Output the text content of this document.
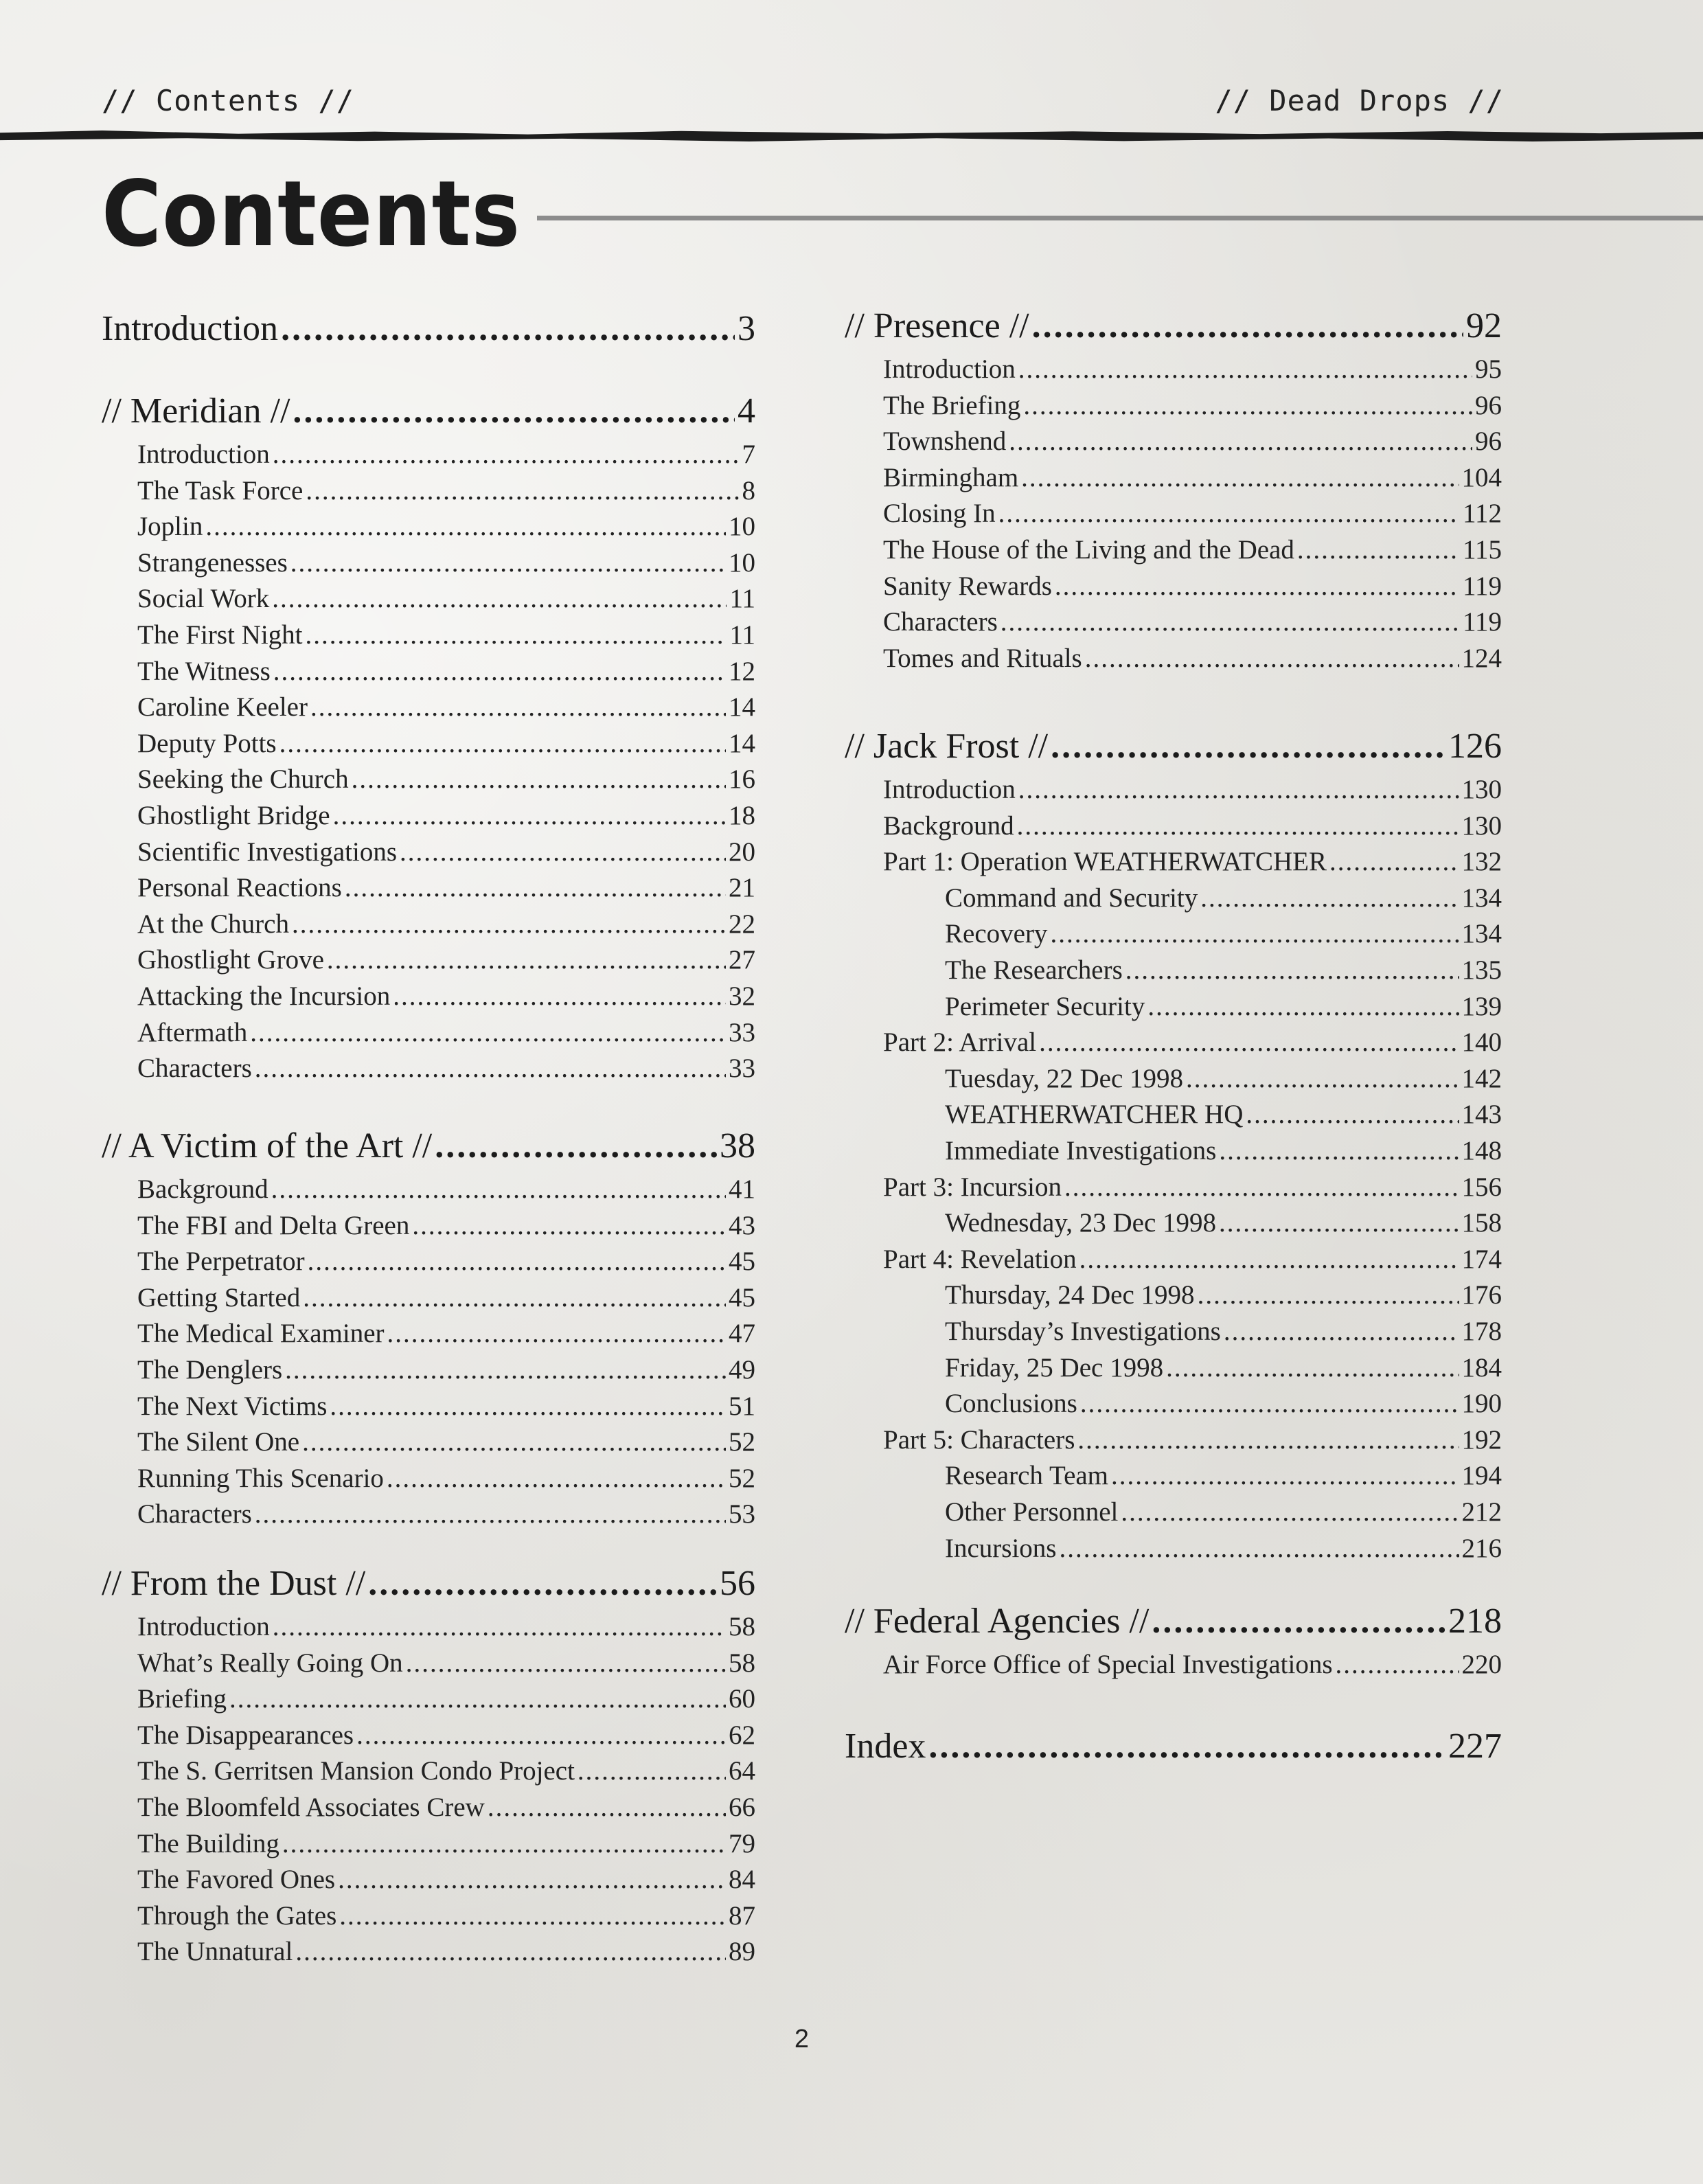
// Contents //	// Dead Drops //
Contents
Introduction .....	3
// Meridian // .....	4
Introduction .....	7
The Task Force .....	8
Joplin .....	10
Strangenesses .....	10
Social Work .....	11
The First Night .....	11
The Witness .....	12
Caroline Keeler .....	14
Deputy Potts .....	14
Seeking the Church .....	16
Ghostlight Bridge .....	18
Scientific Investigations .....	20
Personal Reactions .....	21
At the Church .....	22
Ghostlight Grove .....	27
Attacking the Incursion .....	32
Aftermath .....	33
Characters .....	33
// A Victim of the Art // .....	38
Background .....	41
The FBI and Delta Green .....	43
The Perpetrator .....	45
Getting Started .....	45
The Medical Examiner .....	47
The Denglers .....	49
The Next Victims .....	51
The Silent One .....	52
Running This Scenario .....	52
Characters .....	53
// From the Dust // .....	56
Introduction .....	58
What’s Really Going On .....	58
Briefing .....	60
The Disappearances .....	62
The S. Gerritsen Mansion Condo Project .....	64
The Bloomfeld Associates Crew .....	66
The Building .....	79
The Favored Ones .....	84
Through the Gates .....	87
The Unnatural .....	89
// Presence // .....	92
Introduction .....	95
The Briefing .....	96
Townshend .....	96
Birmingham .....	104
Closing In .....	112
The House of the Living and the Dead .....	115
Sanity Rewards .....	119
Characters .....	119
Tomes and Rituals .....	124
// Jack Frost // .....	126
Introduction .....	130
Background .....	130
Part 1: Operation WEATHERWATCHER .....	132
Command and Security .....	134
Recovery .....	134
The Researchers .....	135
Perimeter Security .....	139
Part 2: Arrival .....	140
Tuesday, 22 Dec 1998 .....	142
WEATHERWATCHER HQ .....	143
Immediate Investigations .....	148
Part 3: Incursion .....	156
Wednesday, 23 Dec 1998 .....	158
Part 4: Revelation .....	174
Thursday, 24 Dec 1998 .....	176
Thursday’s Investigations .....	178
Friday, 25 Dec 1998 .....	184
Conclusions .....	190
Part 5: Characters .....	192
Research Team .....	194
Other Personnel .....	212
Incursions .....	216
// Federal Agencies // .....	218
Air Force Office of Special Investigations .....	220
Index .....	227
2
